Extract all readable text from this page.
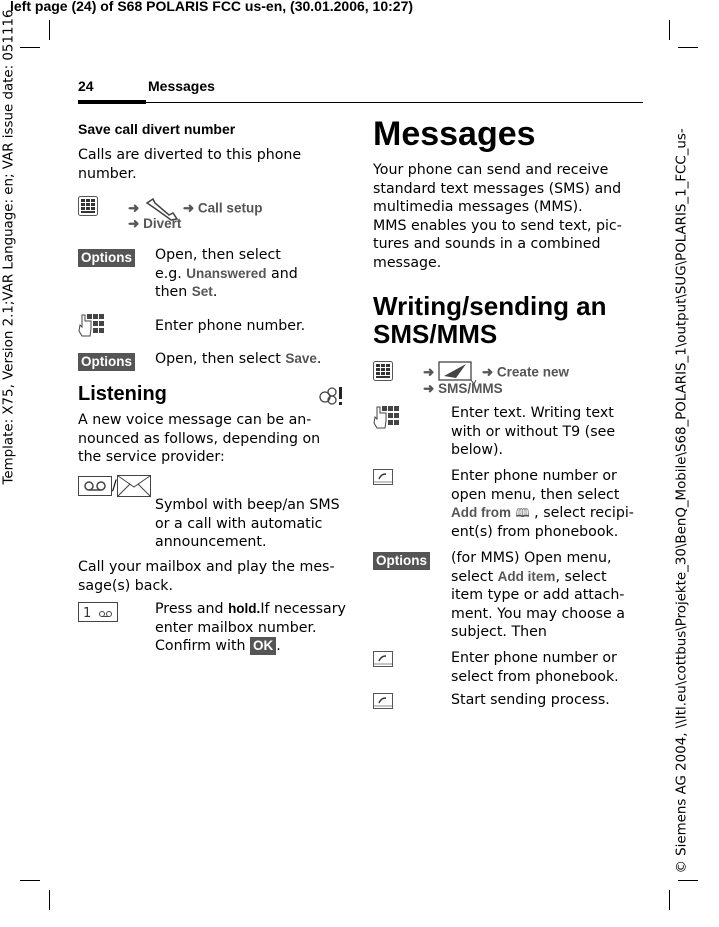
left page (24) of S68 POLARIS FCC us-en, (30.01.2006, 10:27)
Template: X75, Version 2.1;VAR Language: en; VAR issue date: 051116	© Siemens AG 2004, \\Itl.eu\cottbus\Projekte_30\BenQ_Mobile\S68_POLARIS_1\output\SUG\POLARIS_1_FCC_us-
24	Messages
Save call divert number
Calls are diverted to this phone
number.
➜	➜ Call setup
➜ Divert
Options Open, then select
e.g. Unanswered and
then Set.
Enter phone number.
Options Open, then select Save.
Listening
A new voice message can be an-
nounced as follows, depending on
the service provider:
/
Symbol with beep/an SMS
or a call with automatic
announcement.
Call your mailbox and play the mes-
sage(s) back.
1	Press and hold.If necessary
enter mailbox number.
Confirm with OK .
Messages
Your phone can send and receive
standard text messages (SMS) and
multimedia messages (MMS).
MMS enables you to send text, pic-
tures and sounds in a combined
message.
Writing/sending an
SMS/MMS
➜	➜ Create new
➜ SMS/MMS
Enter text. Writing text
with or without T9 (see
below).
Enter phone number or
open menu, then select
Add from 🕮 , select recipi-
ent(s) from phonebook.
Options (for MMS) Open menu,
select Add item, select
item type or add attach-
ment. You may choose a
subject. Then
Enter phone number or
select from phonebook.
Start sending process.
